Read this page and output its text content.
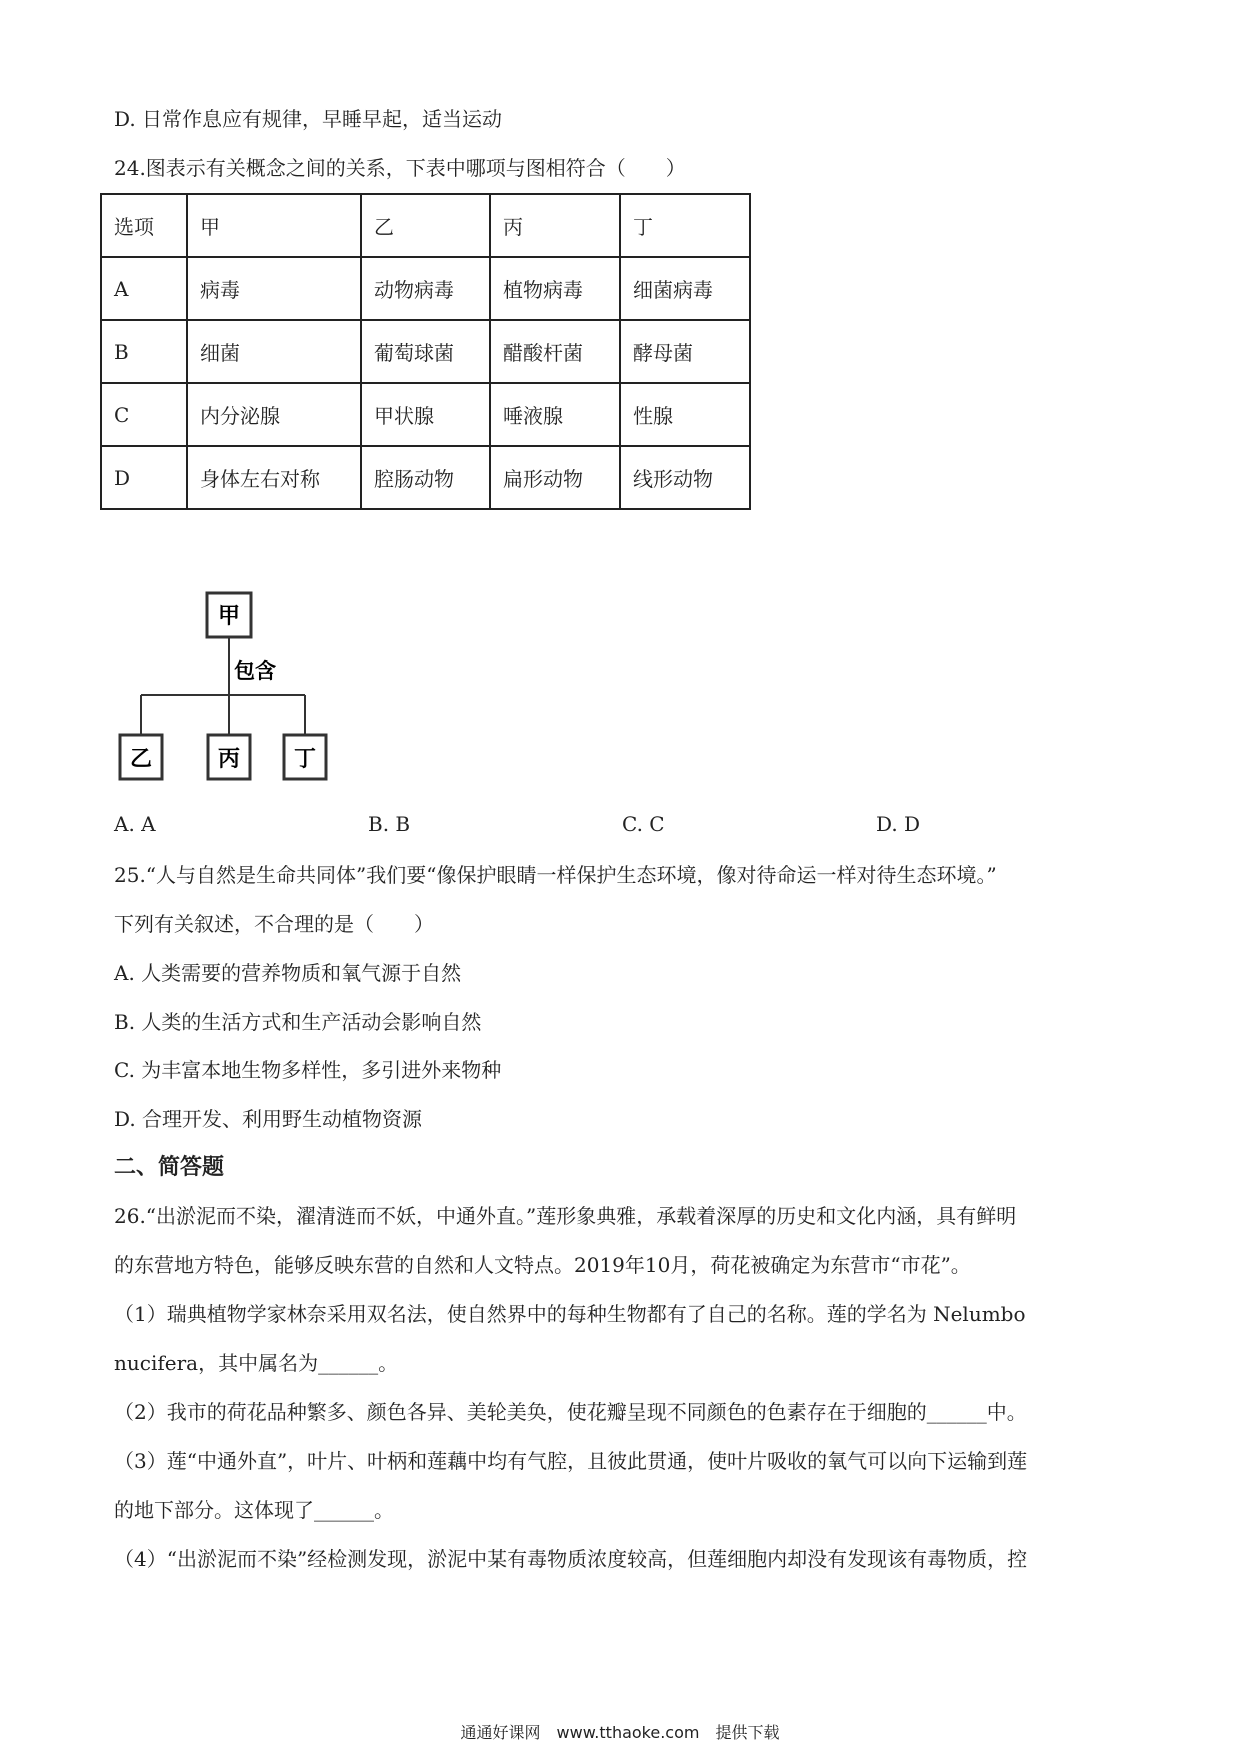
D. 日常作息应有规律，早睡早起，适当运动
24.图表示有关概念之间的关系，下表中哪项与图相符合（　　）
选项	甲	乙	丙	丁
A	病毒	动物病毒	植物病毒	细菌病毒
B	细菌	葡萄球菌	醋酸杆菌	酵母菌
C	内分泌腺	甲状腺	唾液腺	性腺
D	身体左右对称	腔肠动物	扁形动物	线形动物
甲
包含
乙	丙 丁
A. A	B. B	C. C	D. D
25.“人与自然是生命共同体”我们要“像保护眼睛一样保护生态环境，像对待命运一样对待生态环境。”
下列有关叙述，不合理的是（　　）
A. 人类需要的营养物质和氧气源于自然
B. 人类的生活方式和生产活动会影响自然
C. 为丰富本地生物多样性，多引进外来物种
D. 合理开发、利用野生动植物资源
二、简答题
26.“出淤泥而不染，濯清涟而不妖，中通外直。”莲形象典雅，承载着深厚的历史和文化内涵，具有鲜明
的东营地方特色，能够反映东营的自然和人文特点。2019年10月，荷花被确定为东营市“市花”。
（1）瑞典植物学家林奈采用双名法，使自然界中的每种生物都有了自己的名称。莲的学名为 Nelumbo
nucifera，其中属名为______。
（2）我市的荷花品种繁多、颜色各异、美轮美奂，使花瓣呈现不同颜色的色素存在于细胞的______中。
（3）莲“中通外直”，叶片、叶柄和莲藕中均有气腔，且彼此贯通，使叶片吸收的氧气可以向下运输到莲
的地下部分。这体现了______。
（4）“出淤泥而不染”经检测发现，淤泥中某有毒物质浓度较高，但莲细胞内却没有发现该有毒物质，控
通通好课网　www.tthaoke.com　提供下载
